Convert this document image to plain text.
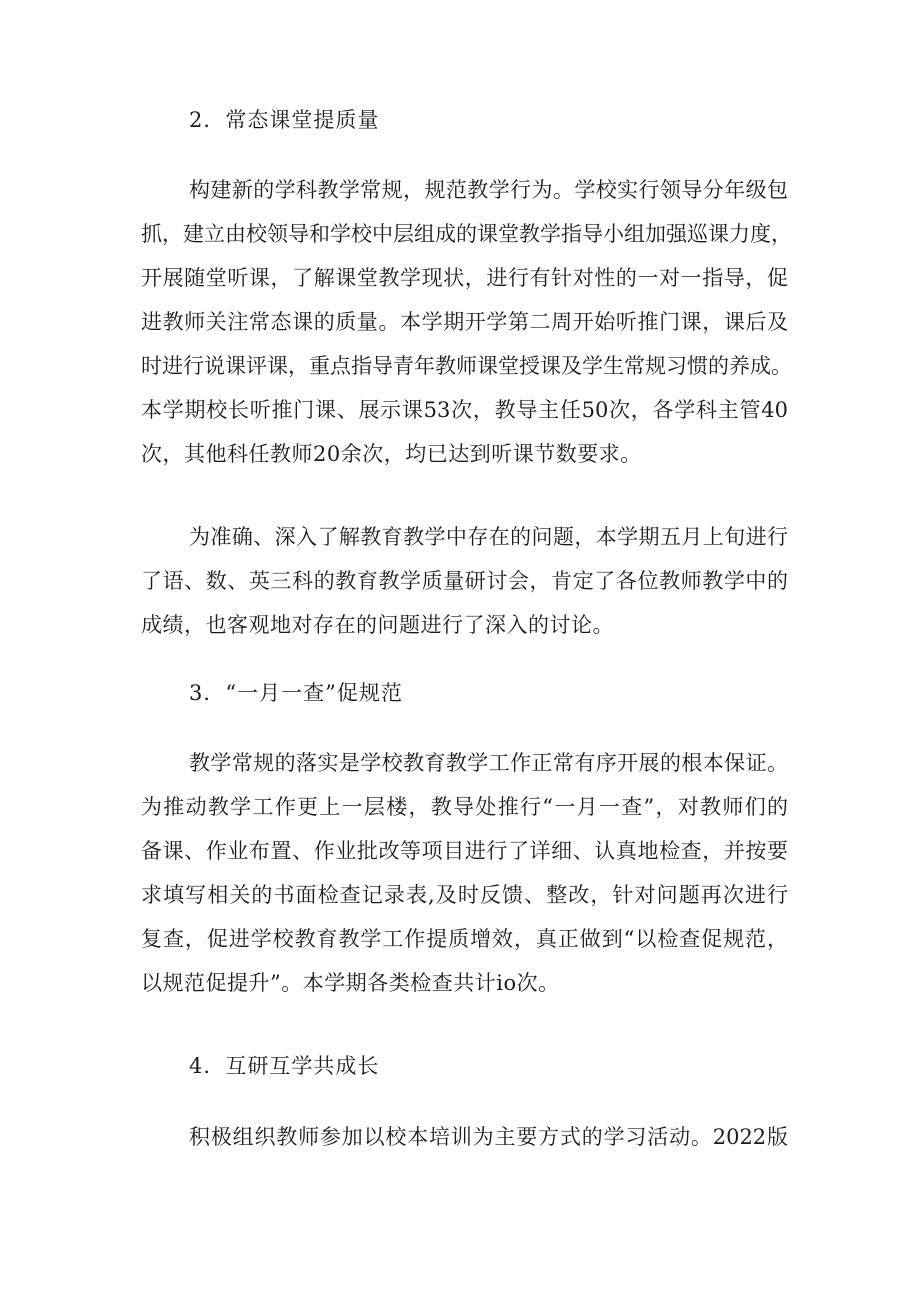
2．常态课堂提质量
构建新的学科教学常规，规范教学行为。学校实行领导分年级包
抓，建立由校领导和学校中层组成的课堂教学指导小组加强巡课力度，
开展随堂听课，了解课堂教学现状，进行有针对性的一对一指导，促
进教师关注常态课的质量。本学期开学第二周开始听推门课，课后及
时进行说课评课，重点指导青年教师课堂授课及学生常规习惯的养成。
本学期校长听推门课、展示课53次，教导主任50次，各学科主管40
次，其他科任教师20余次，均已达到听课节数要求。
为准确、深入了解教育教学中存在的问题，本学期五月上旬进行
了语、数、英三科的教育教学质量研讨会，肯定了各位教师教学中的
成绩，也客观地对存在的问题进行了深入的讨论。
3．“一月一查”促规范
教学常规的落实是学校教育教学工作正常有序开展的根本保证。
为推动教学工作更上一层楼，教导处推行“一月一查”，对教师们的
备课、作业布置、作业批改等项目进行了详细、认真地检查，并按要
求填写相关的书面检查记录表,及时反馈、整改，针对问题再次进行
复查，促进学校教育教学工作提质增效，真正做到“以检查促规范，
以规范促提升”。本学期各类检查共计io次。
4．互研互学共成长
积极组织教师参加以校本培训为主要方式的学习活动。2022版
